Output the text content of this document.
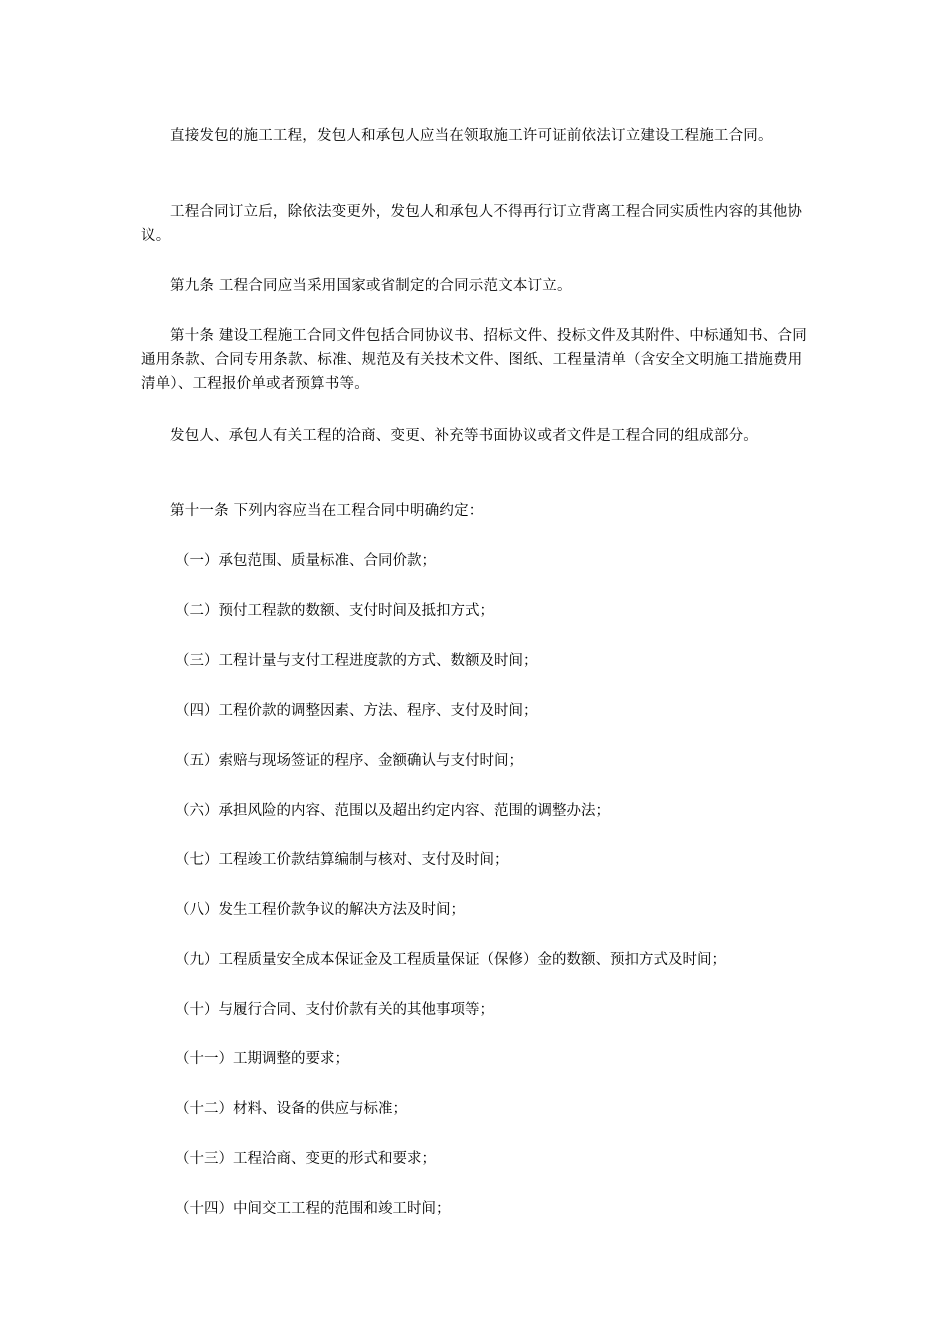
直接发包的施工工程，发包人和承包人应当在领取施工许可证前依法订立建设工程施工合同。

工程合同订立后，除依法变更外，发包人和承包人不得再行订立背离工程合同实质性内容的其他协议。

第九条 工程合同应当采用国家或省制定的合同示范文本订立。

第十条 建设工程施工合同文件包括合同协议书、招标文件、投标文件及其附件、中标通知书、合同通用条款、合同专用条款、标准、规范及有关技术文件、图纸、工程量清单（含安全文明施工措施费用清单）、工程报价单或者预算书等。

发包人、承包人有关工程的洽商、变更、补充等书面协议或者文件是工程合同的组成部分。

第十一条 下列内容应当在工程合同中明确约定：

（一）承包范围、质量标准、合同价款；

（二）预付工程款的数额、支付时间及抵扣方式；

（三）工程计量与支付工程进度款的方式、数额及时间；

（四）工程价款的调整因素、方法、程序、支付及时间；

（五）索赔与现场签证的程序、金额确认与支付时间；

（六）承担风险的内容、范围以及超出约定内容、范围的调整办法；

（七）工程竣工价款结算编制与核对、支付及时间；

（八）发生工程价款争议的解决方法及时间；

（九）工程质量安全成本保证金及工程质量保证（保修）金的数额、预扣方式及时间；

（十）与履行合同、支付价款有关的其他事项等；

（十一）工期调整的要求；

（十二）材料、设备的供应与标准；

（十三）工程洽商、变更的形式和要求；

（十四）中间交工工程的范围和竣工时间；
